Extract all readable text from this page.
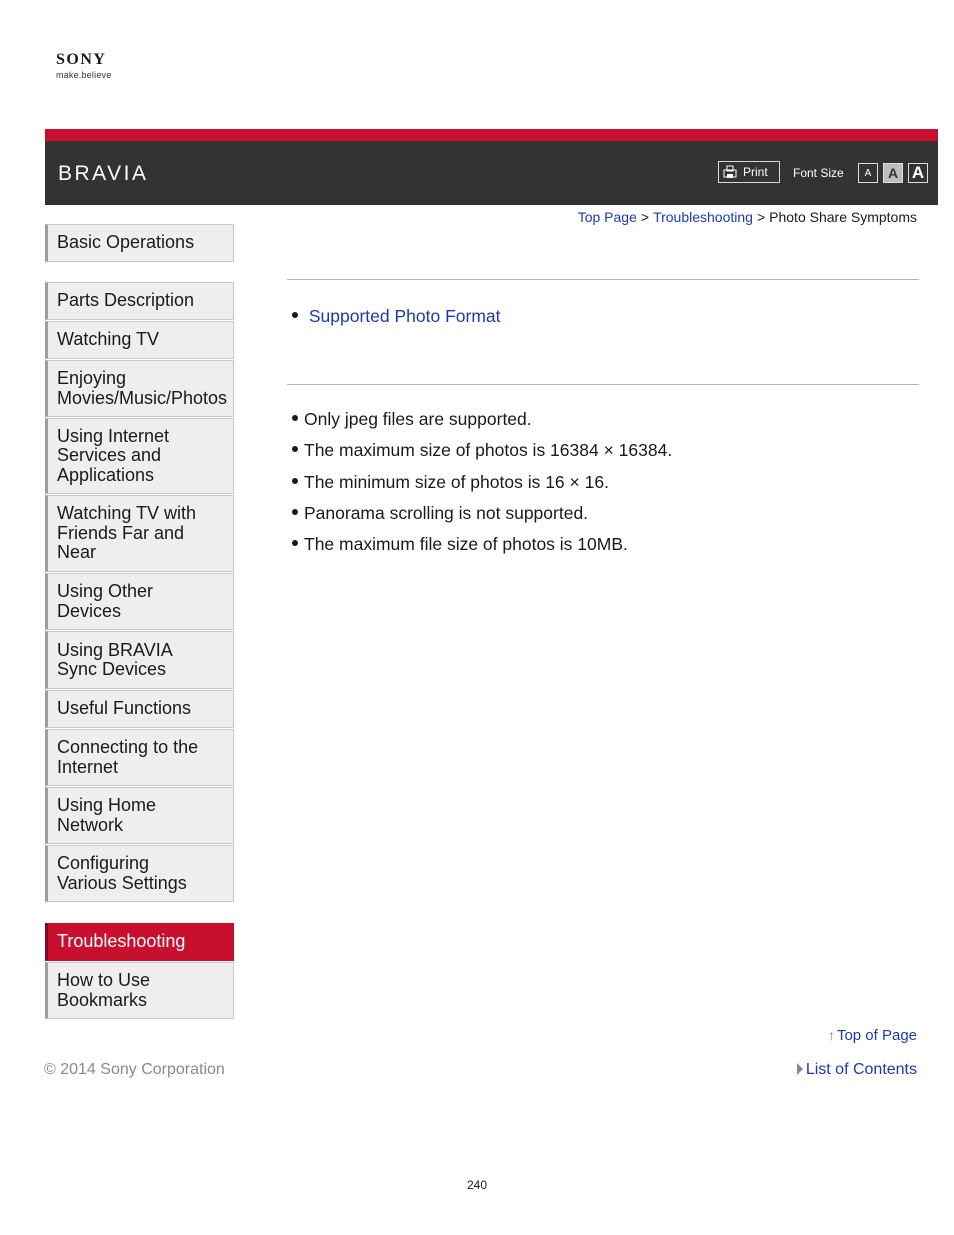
SONY
make.believe
BRAVIA	Print Font Size	A	A A
Top Page > Troubleshooting > Photo Share Symptoms
Basic Operations
Parts Description
Watching TV
Enjoying
Movies/Music/Photos
Using Internet
Services and
Applications
Watching TV with
Friends Far and
Near
Using Other
Devices
Using BRAVIA
Sync Devices
Useful Functions
Connecting to the
Internet
Using Home
Network
Configuring
Various Settings
Troubleshooting
How to Use
Bookmarks
Supported Photo Format
Only jpeg files are supported.
The maximum size of photos is 16384 × 16384.
The minimum size of photos is 16 × 16.
Panorama scrolling is not supported.
The maximum file size of photos is 10MB.
↑ Top of Page
List of Contents
© 2014 Sony Corporation
240
